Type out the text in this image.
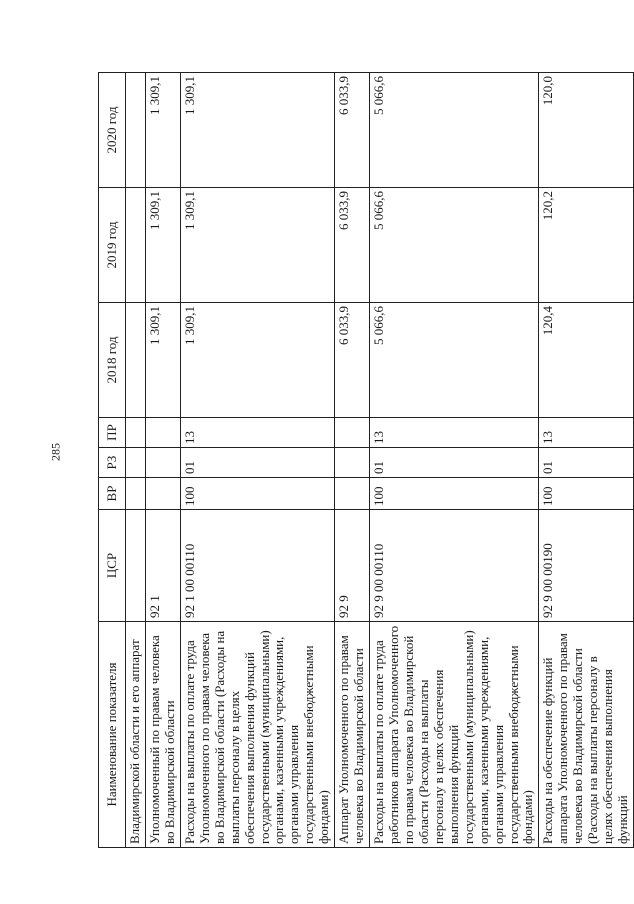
285
Наименование показателя	ЦСР	ВР	РЗ	ПР	2018 год	2019 год	2020 год
Владимирской области и его аппарат							
Уполномоченный по правам человека во Владимирской области	92 1				1 309,1	1 309,1	1 309,1
Расходы на выплаты по оплате труда Уполномоченного по правам человека во Владимирской области (Расходы на выплаты персоналу в целях обеспечения выполнения функций государственными (муниципальными) органами, казенными учреждениями, органами управления государственными внебюджетными фондами)	92 1 00 00110	100	01	13	1 309,1	1 309,1	1 309,1
Аппарат Уполномоченного по правам человека во Владимирской области	92 9				6 033,9	6 033,9	6 033,9
Расходы на выплаты по оплате труда работников аппарата Уполномоченного по правам человека во Владимирской области (Расходы на выплаты персоналу в целях обеспечения выполнения функций государственными (муниципальными) органами, казенными учреждениями, органами управления государственными внебюджетными фондами)	92 9 00 00110	100	01	13	5 066,6	5 066,6	5 066,6
Расходы на обеспечение функций аппарата Уполномоченного по правам человека во Владимирской области (Расходы на выплаты персоналу в целях обеспечения выполнения функций	92 9 00 00190	100	01	13	120,4	120,2	120,0
